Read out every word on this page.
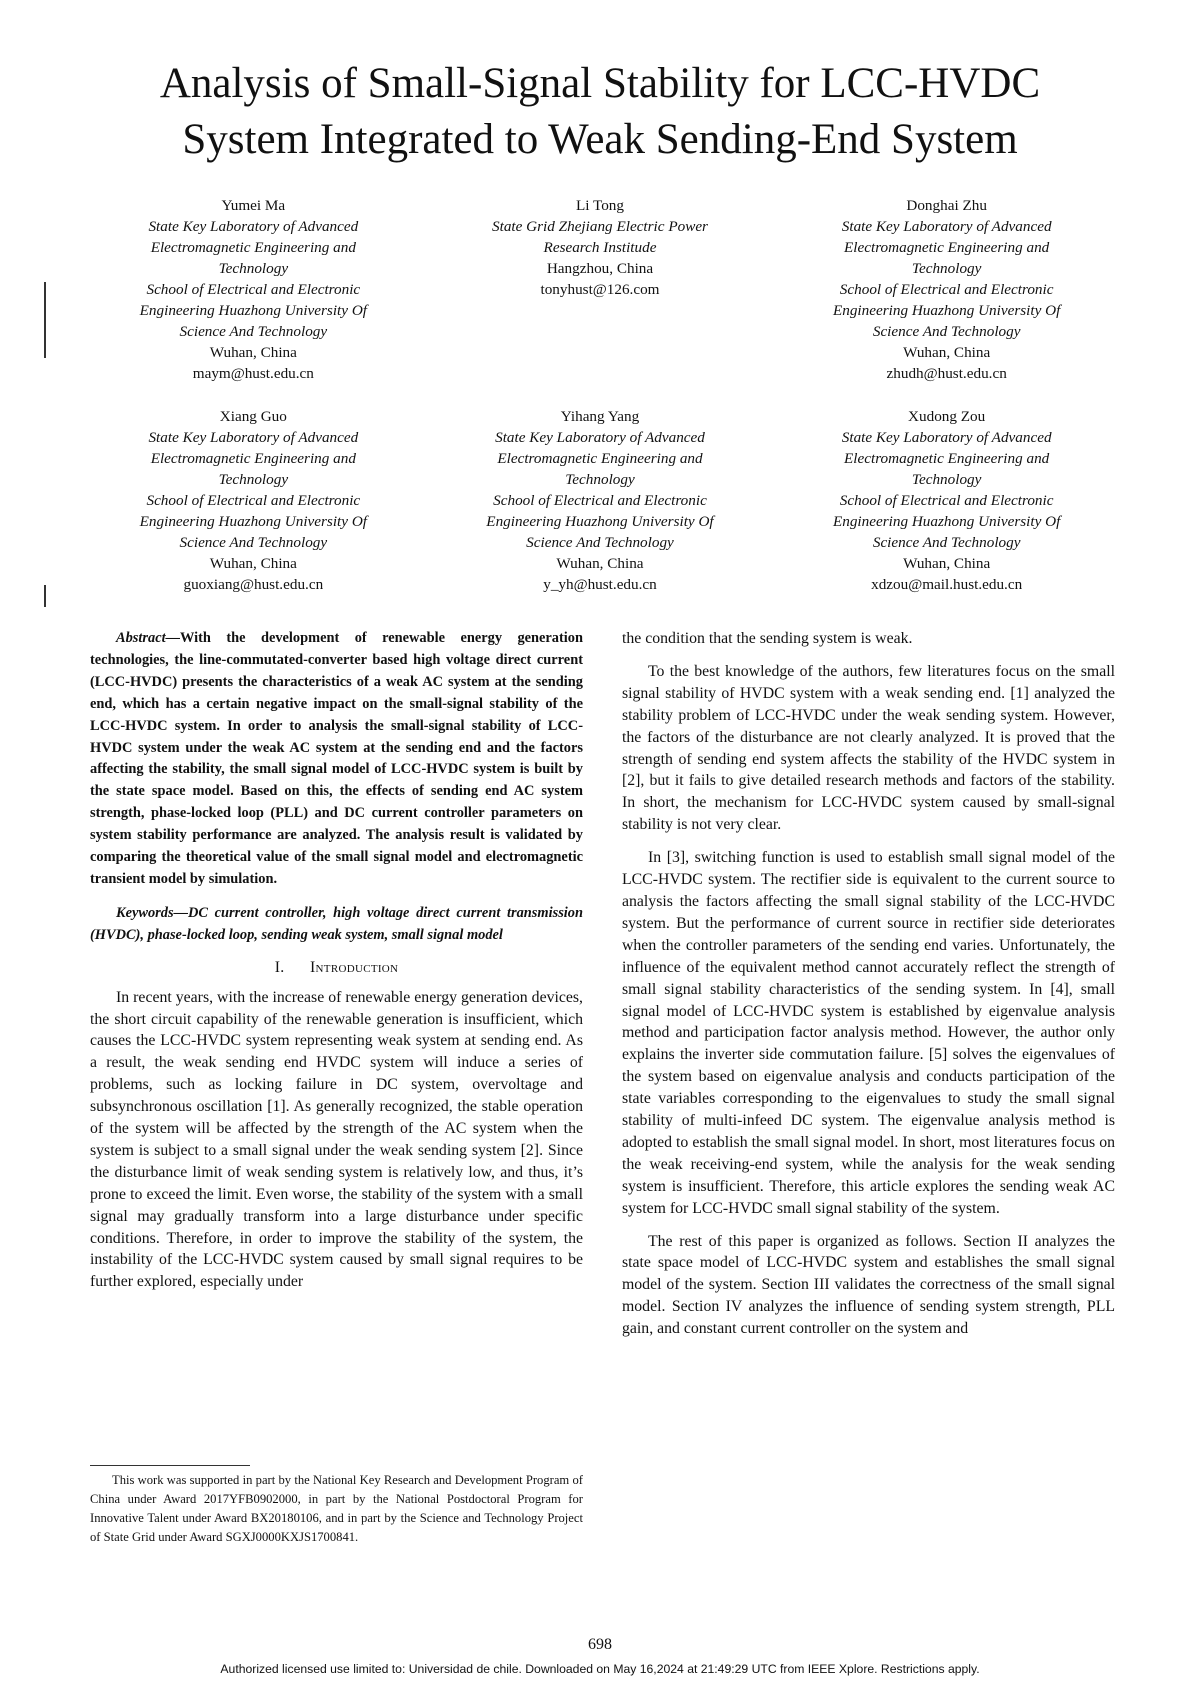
Analysis of Small-Signal Stability for LCC-HVDC
System Integrated to Weak Sending-End System
Yumei Ma
State Key Laboratory of Advanced
Electromagnetic Engineering and
Technology
School of Electrical and Electronic
Engineering Huazhong University Of
Science And Technology
Wuhan, China
maym@hust.edu.cn
Li Tong
State Grid Zhejiang Electric Power
Research Institude
Hangzhou, China
tonyhust@126.com
Donghai Zhu
State Key Laboratory of Advanced
Electromagnetic Engineering and
Technology
School of Electrical and Electronic
Engineering Huazhong University Of
Science And Technology
Wuhan, China
zhudh@hust.edu.cn
Xiang Guo
State Key Laboratory of Advanced
Electromagnetic Engineering and
Technology
School of Electrical and Electronic
Engineering Huazhong University Of
Science And Technology
Wuhan, China
guoxiang@hust.edu.cn
Yihang Yang
State Key Laboratory of Advanced
Electromagnetic Engineering and
Technology
School of Electrical and Electronic
Engineering Huazhong University Of
Science And Technology
Wuhan, China
y_yh@hust.edu.cn
Xudong Zou
State Key Laboratory of Advanced
Electromagnetic Engineering and
Technology
School of Electrical and Electronic
Engineering Huazhong University Of
Science And Technology
Wuhan, China
xdzou@mail.hust.edu.cn

Abstract—With the development of renewable energy generation technologies, the line-commutated-converter based high voltage direct current (LCC-HVDC) presents the characteristics of a weak AC system at the sending end, which has a certain negative impact on the small-signal stability of the LCC-HVDC system. In order to analysis the small-signal stability of LCC-HVDC system under the weak AC system at the sending end and the factors affecting the stability, the small signal model of LCC-HVDC system is built by the state space model. Based on this, the effects of sending end AC system strength, phase-locked loop (PLL) and DC current controller parameters on system stability performance are analyzed. The analysis result is validated by comparing the theoretical value of the small signal model and electromagnetic transient model by simulation.

Keywords—DC current controller, high voltage direct current transmission (HVDC), phase-locked loop, sending weak system, small signal model

I. Introduction

In recent years, with the increase of renewable energy generation devices, the short circuit capability of the renewable generation is insufficient, which causes the LCC-HVDC system representing weak system at sending end. As a result, the weak sending end HVDC system will induce a series of problems, such as locking failure in DC system, overvoltage and subsynchronous oscillation [1]. As generally recognized, the stable operation of the system will be affected by the strength of the AC system when the system is subject to a small signal under the weak sending system [2]. Since the disturbance limit of weak sending system is relatively low, and thus, it’s prone to exceed the limit. Even worse, the stability of the system with a small signal may gradually transform into a large disturbance under specific conditions. Therefore, in order to improve the stability of the system, the instability of the LCC-HVDC system caused by small signal requires to be further explored, especially under

This work was supported in part by the National Key Research and Development Program of China under Award 2017YFB0902000, in part by the National Postdoctoral Program for Innovative Talent under Award BX20180106, and in part by the Science and Technology Project of State Grid under Award SGXJ0000KXJS1700841.

the condition that the sending system is weak.

To the best knowledge of the authors, few literatures focus on the small signal stability of HVDC system with a weak sending end. [1] analyzed the stability problem of LCC-HVDC under the weak sending system. However, the factors of the disturbance are not clearly analyzed. It is proved that the strength of sending end system affects the stability of the HVDC system in [2], but it fails to give detailed research methods and factors of the stability. In short, the mechanism for LCC-HVDC system caused by small-signal stability is not very clear.

In [3], switching function is used to establish small signal model of the LCC-HVDC system. The rectifier side is equivalent to the current source to analysis the factors affecting the small signal stability of the LCC-HVDC system. But the performance of current source in rectifier side deteriorates when the controller parameters of the sending end varies. Unfortunately, the influence of the equivalent method cannot accurately reflect the strength of small signal stability characteristics of the sending system. In [4], small signal model of LCC-HVDC system is established by eigenvalue analysis method and participation factor analysis method. However, the author only explains the inverter side commutation failure. [5] solves the eigenvalues of the system based on eigenvalue analysis and conducts participation of the state variables corresponding to the eigenvalues to study the small signal stability of multi-infeed DC system. The eigenvalue analysis method is adopted to establish the small signal model. In short, most literatures focus on the weak receiving-end system, while the analysis for the weak sending system is insufficient. Therefore, this article explores the sending weak AC system for LCC-HVDC small signal stability of the system.

The rest of this paper is organized as follows. Section II analyzes the state space model of LCC-HVDC system and establishes the small signal model of the system. Section III validates the correctness of the small signal model. Section IV analyzes the influence of sending system strength, PLL gain, and constant current controller on the system and

698
Authorized licensed use limited to: Universidad de chile. Downloaded on May 16,2024 at 21:49:29 UTC from IEEE Xplore. Restrictions apply.
